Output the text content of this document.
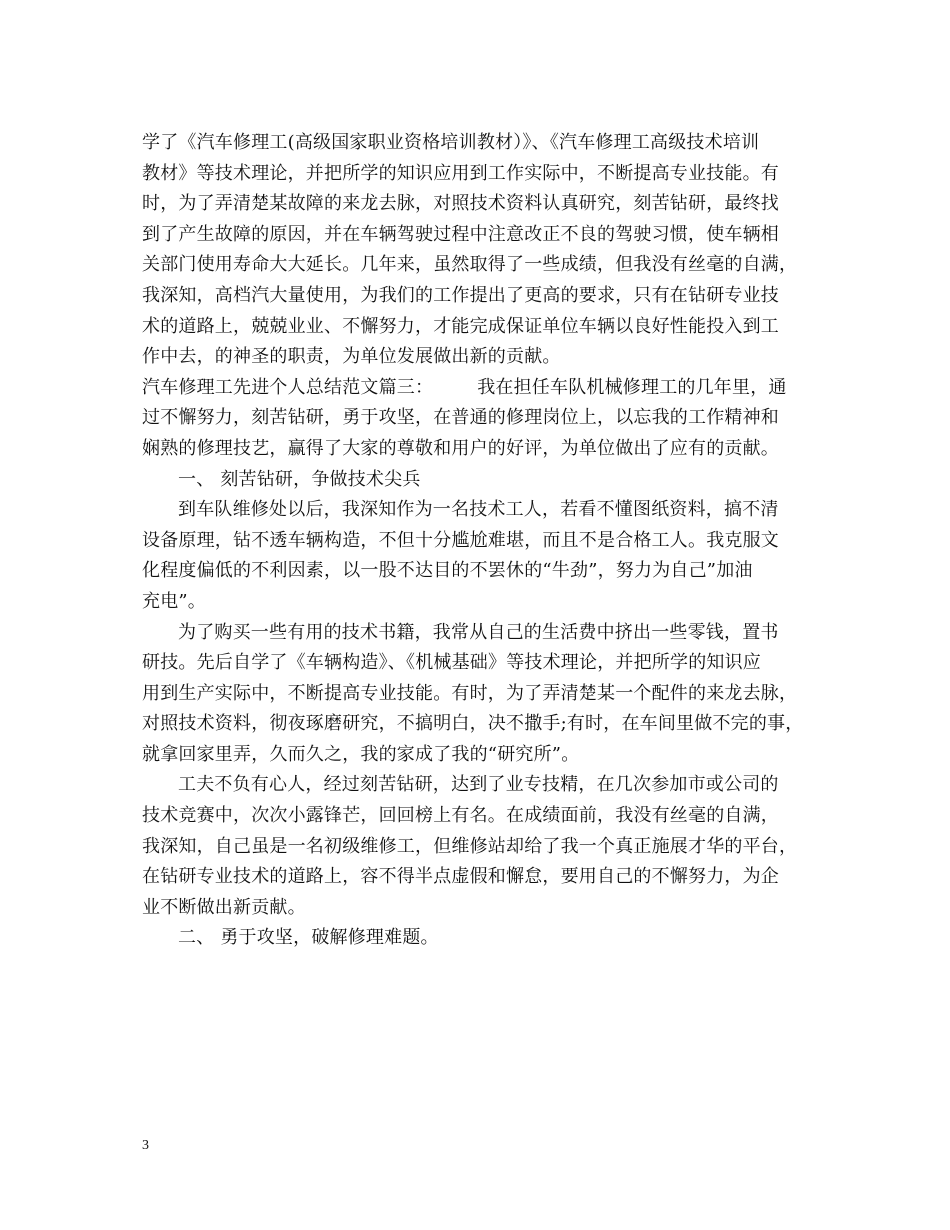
学了《汽车修理工(高级国家职业资格培训教材）》、《汽车修理工高级技术培训
教材》等技术理论，并把所学的知识应用到工作实际中，不断提高专业技能。有
时，为了弄清楚某故障的来龙去脉，对照技术资料认真研究，刻苦钻研，最终找
到了产生故障的原因，并在车辆驾驶过程中注意改正不良的驾驶习惯，使车辆相
关部门使用寿命大大延长。几年来，虽然取得了一些成绩，但我没有丝毫的自满，
我深知，高档汽大量使用，为我们的工作提出了更高的要求，只有在钻研专业技
术的道路上，兢兢业业、不懈努力，才能完成保证单位车辆以良好性能投入到工
作中去，的神圣的职责，为单位发展做出新的贡献。
汽车修理工先进个人总结范文篇三： 我在担任车队机械修理工的几年里，通
过不懈努力，刻苦钻研，勇于攻坚，在普通的修理岗位上，以忘我的工作精神和
娴熟的修理技艺，赢得了大家的尊敬和用户的好评，为单位做出了应有的贡献。
一、 刻苦钻研，争做技术尖兵
到车队维修处以后，我深知作为一名技术工人，若看不懂图纸资料，搞不清
设备原理，钻不透车辆构造，不但十分尴尬难堪，而且不是合格工人。我克服文
化程度偏低的不利因素，以一股不达目的不罢休的“牛劲”，努力为自己”加油
充电”。
为了购买一些有用的技术书籍，我常从自己的生活费中挤出一些零钱，置书
研技。先后自学了《车辆构造》、《机械基础》等技术理论，并把所学的知识应
用到生产实际中，不断提高专业技能。有时，为了弄清楚某一个配件的来龙去脉，
对照技术资料，彻夜琢磨研究，不搞明白，决不撒手;有时，在车间里做不完的事，
就拿回家里弄，久而久之，我的家成了我的“研究所”。
工夫不负有心人，经过刻苦钻研，达到了业专技精，在几次参加市或公司的
技术竞赛中，次次小露锋芒，回回榜上有名。在成绩面前，我没有丝毫的自满，
我深知，自己虽是一名初级维修工，但维修站却给了我一个真正施展才华的平台，
在钻研专业技术的道路上，容不得半点虚假和懈怠，要用自己的不懈努力，为企
业不断做出新贡献。
二、 勇于攻坚，破解修理难题。
3
